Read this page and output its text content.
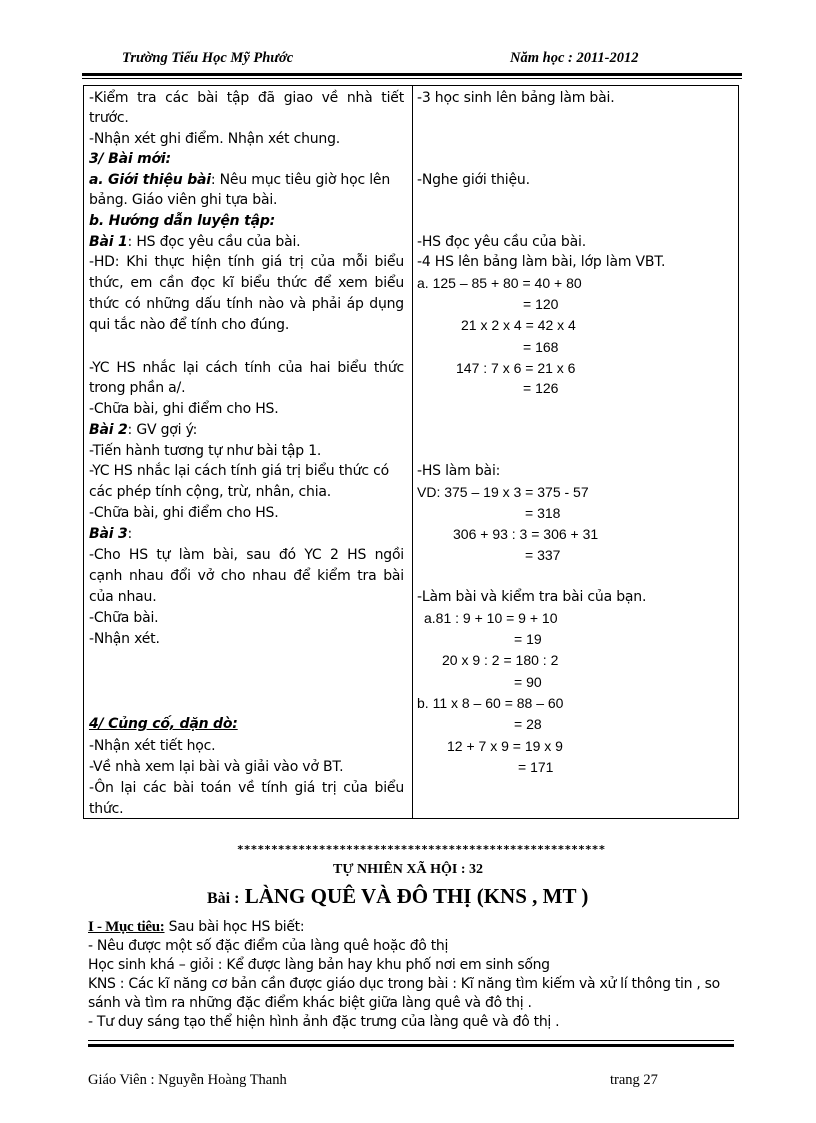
Trường Tiểu Học Mỹ Phước	Năm học : 2011-2012
-Kiểm tra các bài tập đã giao về nhà tiết
trước.
-Nhận xét ghi điểm. Nhận xét chung.
3/ Bài mới:
a. Giới thiệu bài: Nêu mục tiêu giờ học lên
bảng. Giáo viên ghi tựa bài.
b. Hướng dẫn luyện tập:
Bài 1: HS đọc yêu cầu của bài.
-HD: Khi thực hiện tính giá trị của mỗi biểu
thức, em cần đọc kĩ biểu thức để xem biểu
thức có những dấu tính nào và phải áp dụng
qui tắc nào để tính cho đúng.
-YC HS nhắc lại cách tính của hai biểu thức
trong phần a/.
-Chữa bài, ghi điểm cho HS.
Bài 2: GV gợi ý:
-Tiến hành tương tự như bài tập 1.
-YC HS nhắc lại cách tính giá trị biểu thức có
các phép tính cộng, trừ, nhân, chia.
-Chữa bài, ghi điểm cho HS.
Bài 3:
-Cho HS tự làm bài, sau đó YC 2 HS ngồi
cạnh nhau đổi vở cho nhau để kiểm tra bài
của nhau.
-Chữa bài.
-Nhận xét.
4/ Củng cố, dặn dò:
-Nhận xét tiết học.
-Về nhà xem lại bài và giải vào vở BT.
-Ôn lại các bài toán về tính giá trị của biểu
thức.
-3 học sinh lên bảng làm bài.
-Nghe giới thiệu.
-HS đọc yêu cầu của bài.
-4 HS lên bảng làm bài, lớp làm VBT.
a. 125 – 85 + 80 = 40 + 80
= 120
21 x 2 x 4 = 42 x 4
= 168
147 : 7 x 6 = 21 x 6
= 126
-HS làm bài:
VD: 375 – 19 x 3 = 375 - 57
= 318
306 + 93 : 3 = 306 + 31
= 337
-Làm bài và kiểm tra bài của bạn.
a.81 : 9 + 10 = 9 + 10
= 19
20 x 9 : 2 = 180 : 2
= 90
b. 11 x 8 – 60 = 88 – 60
= 28
12 + 7 x 9 = 19 x 9
= 171
******************************************************
TỰ NHIÊN XÃ HỘI : 32
Bài : LÀNG QUÊ VÀ ĐÔ THỊ (KNS , MT )
I - Mục tiêu: Sau bài học HS biết:
- Nêu được một số đặc điểm của làng quê hoặc đô thị
Học sinh khá – giỏi : Kể được làng bản hay khu phố nơi em sinh sống
KNS : Các kĩ năng cơ bản cần được giáo dục trong bài : Kĩ năng tìm kiếm và xử lí thông tin , so
sánh và tìm ra những đặc điểm khác biệt giữa làng quê và đô thị .
- Tư duy sáng tạo thể hiện hình ảnh đặc trưng của làng quê và đô thị .
Giáo Viên : Nguyễn Hoàng Thanh	trang 27
